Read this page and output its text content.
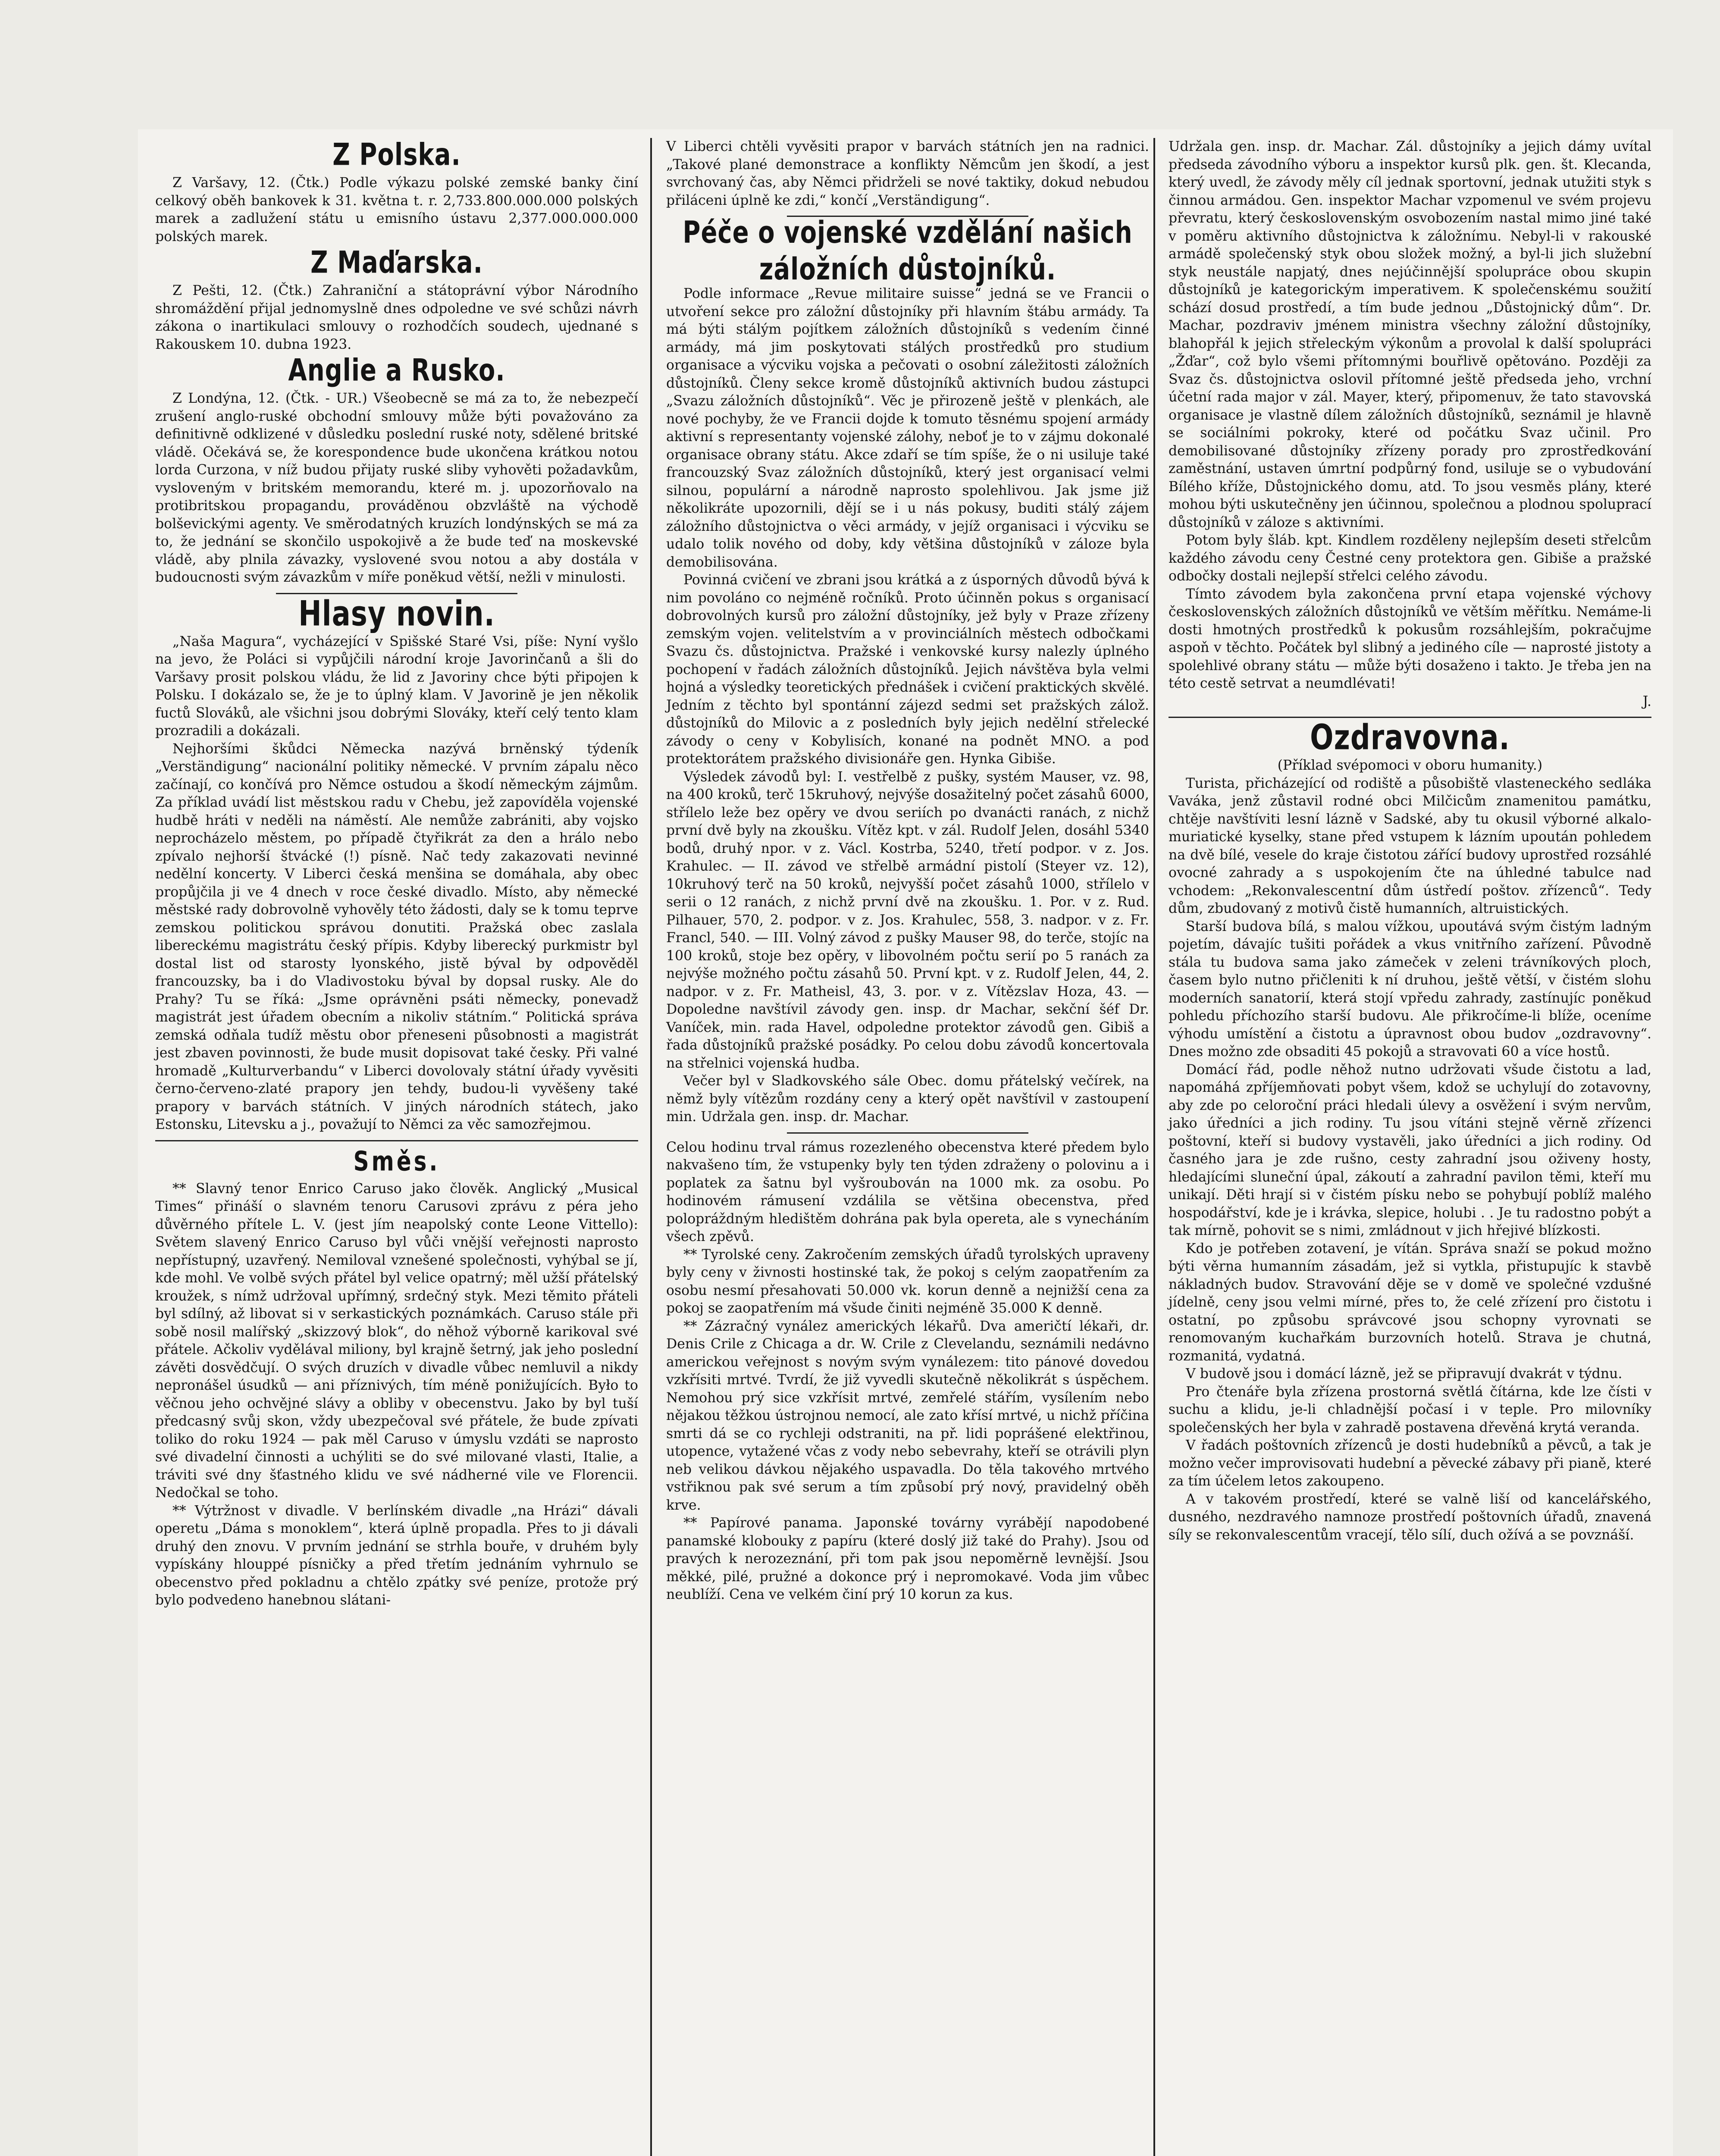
Z Polska.

Z Varšavy, 12. (Čtk.) Podle výkazu polské zemské banky činí celkový oběh bankovek k 31. května t. r. 2,733.800.000.000 polských marek a zadlužení státu u emisního ústavu 2,377.000.000.000 polských marek.

Z Maďarska.

Z Pešti, 12. (Čtk.) Zahraniční a státoprávní výbor Národního shromáždění přijal jednomyslně dnes odpoledne ve své schůzi návrh zákona o inartikulaci smlouvy o rozhodčích soudech, ujednané s Rakouskem 10. dubna 1923.

Anglie a Rusko.

Z Londýna, 12. (Čtk. - UR.) Všeobecně se má za to, že nebezpečí zrušení anglo-ruské obchodní smlouvy může býti považováno za definitivně odklizené v důsledku poslední ruské noty, sdělené britské vládě. Očekává se, že korespondence bude ukončena krátkou notou lorda Curzona, v níž budou přijaty ruské sliby vyhověti požadavkům, vysloveným v britském memorandu, které m. j. upozorňovalo na protibritskou propagandu, prováděnou obzvláště na východě bolševickými agenty. Ve směrodatných kruzích londýnských se má za to, že jednání se skončilo uspokojivě a že bude teď na moskevské vládě, aby plnila závazky, vyslovené svou notou a aby dostála v budoucnosti svým závazkům v míře poněkud větší, nežli v minulosti.

Hlasy novin.

„Naša Magura“, vycházející v Spišské Staré Vsi, píše: Nyní vyšlo na jevo, že Poláci si vypůjčili národní kroje Javorinčanů a šli do Varšavy prosit polskou vládu, že lid z Javoriny chce býti připojen k Polsku. I dokázalo se, že je to úplný klam. V Javorině je jen několik fuctů Slováků, ale všichni jsou dobrými Slováky, kteří celý tento klam prozradili a dokázali.

Nejhoršími škůdci Německa nazývá brněnský týdeník „Verständigung“ nacionální politiky německé. V prvním zápalu něco začínají, co končívá pro Němce ostudou a škodí německým zájmům. Za příklad uvádí list městskou radu v Chebu, jež zapovíděla vojenské hudbě hráti v neděli na náměstí. Ale nemůže zabrániti, aby vojsko neprocházelo městem, po případě čtyřikrát za den a hrálo nebo zpívalo nejhorší štvácké (!) písně. Nač tedy zakazovati nevinné nedělní koncerty. V Liberci česká menšina se domáhala, aby obec propůjčila ji ve 4 dnech v roce české divadlo. Místo, aby německé městské rady dobrovolně vyhověly této žádosti, daly se k tomu teprve zemskou politickou správou donutiti. Pražská obec zaslala libereckému magistrátu český přípis. Kdyby liberecký purkmistr byl dostal list od starosty lyonského, jistě býval by odpověděl francouzsky, ba i do Vladivostoku býval by dopsal rusky. Ale do Prahy? Tu se říká: „Jsme oprávněni psáti německy, ponevadž magistrát jest úřadem obecním a nikoliv státním.“ Politická správa zemská odňala tudíž městu obor přeneseni působnosti a magistrát jest zbaven povinnosti, že bude musit dopisovat také česky. Při valné hromadě „Kulturverbandu“ v Liberci dovolovaly státní úřady vyvěsiti černo-červeno-zlaté prapory jen tehdy, budou-li vyvěšeny také prapory v barvách státních. V jiných národních státech, jako Estonsku, Litevsku a j., považují to Němci za věc samozřejmou.

Směs.

** Slavný tenor Enrico Caruso jako člověk. Anglický „Musical Times“ přináší o slavném tenoru Carusovi zprávu z péra jeho důvěrného přítele L. V. (jest jím neapolský conte Leone Vittello): Světem slavený Enrico Caruso byl vůči vnější veřejnosti naprosto nepřístupný, uzavřený. Nemiloval vznešené společnosti, vyhýbal se jí, kde mohl. Ve volbě svých přátel byl velice opatrný; měl užší přátelský kroužek, s nímž udržoval upřímný, srdečný styk. Mezi těmito přáteli byl sdílný, až libovat si v serkastických poznámkách. Caruso stále při sobě nosil malířský „skizzový blok“, do něhož výborně karikoval své přátele. Ačkoliv vydělával miliony, byl krajně šetrný, jak jeho poslední závěti dosvědčují. O svých druzích v divadle vůbec nemluvil a nikdy nepronášel úsudků — ani příznivých, tím méně ponižujících. Było to věčnou jeho ochvějné slávy a obliby v obecenstvu. Jako by byl tuší předcasný svůj skon, vždy ubezpečoval své přátele, že bude zpívati toliko do roku 1924 — pak měl Caruso v úmyslu vzdáti se naprosto své divadelní činnosti a uchýliti se do své milované vlasti, Italie, a tráviti své dny šťastného klidu ve své nádherné vile ve Florencii. Nedočkal se toho.

** Výtržnost v divadle. V berlínském divadle „na Hrázi“ dávali operetu „Dáma s monoklem“, která úplně propadla. Přes to ji dávali druhý den znovu. V prvním jednání se strhla bouře, v druhém byly vypískány hlouppé písničky a před třetím jednáním vyhrnulo se obecenstvo před pokladnu a chtělo zpátky své peníze, protože prý bylo podvedeno hanebnou slátani-

V Liberci chtěli vyvěsiti prapor v barvách státních jen na radnici. „Takové plané demonstrace a konflikty Němcům jen škodí, a jest svrchovaný čas, aby Němci přidrželi se nové taktiky, dokud nebudou přiláceni úplně ke zdi,“ končí „Verständigung“.

Péče o vojenské vzdělání našich záložních důstojníků.

Podle informace „Revue militaire suisse“ jedná se ve Francii o utvoření sekce pro záložní důstojníky při hlavním štábu armády. Ta má býti stálým pojítkem záložních důstojníků s vedením činné armády, má jim poskytovati stálých prostředků pro studium organisace a výcviku vojska a pečovati o osobní záležitosti záložních důstojníků. Členy sekce kromě důstojníků aktivních budou zástupci „Svazu záložních důstojníků“. Věc je přirozeně ještě v plenkách, ale nové pochyby, že ve Francii dojde k tomuto těsnému spojení armády aktivní s representanty vojenské zálohy, neboť je to v zájmu dokonalé organisace obrany státu. Akce zdaří se tím spíše, že o ni usiluje také francouzský Svaz záložních důstojníků, který jest organisací velmi silnou, populární a národně naprosto spolehlivou. Jak jsme již několikráte upozornili, dějí se i u nás pokusy, buditi stálý zájem záložního důstojnictva o věci armády, v jejíž organisaci i výcviku se udalo tolik nového od doby, kdy většina důstojníků v záloze byla demobilisována.

Povinná cvičení ve zbrani jsou krátká a z úsporných důvodů bývá k nim povoláno co nejméně ročníků. Proto účinněn pokus s organisací dobrovolných kursů pro záložní důstojníky, jež byly v Praze zřízeny zemským vojen. velitelstvím a v provinciálních městech odbočkami Svazu čs. důstojnictva. Pražské i venkovské kursy nalezly úplného pochopení v řadách záložních důstojníků. Jejich návštěva byla velmi hojná a výsledky teoretických přednášek i cvičení praktických skvělé. Jedním z těchto byl spontánní zájezd sedmi set pražských zálož. důstojníků do Milovic a z posledních byly jejich nedělní střelecké závody o ceny v Kobylisích, konané na podnět MNO. a pod protektorátem pražského divisionáře gen. Hynka Gibiše.

Výsledek závodů byl: I. vestřelbě z pušky, systém Mauser, vz. 98, na 400 kroků, terč 15kruhový, nejvýše dosažitelný počet zásahů 6000, střílelo leže bez opěry ve dvou seriích po dvanácti ranách, z nichž první dvě byly na zkoušku. Vítěz kpt. v zál. Rudolf Jelen, dosáhl 5340 bodů, druhý npor. v z. Václ. Kostrba, 5240, třetí podpor. v z. Jos. Krahulec. — II. závod ve střelbě armádní pistolí (Steyer vz. 12), 10kruhový terč na 50 kroků, nejvyšší počet zásahů 1000, střílelo v serii o 12 ranách, z nichž první dvě na zkoušku. 1. Por. v z. Rud. Pilhauer, 570, 2. podpor. v z. Jos. Krahulec, 558, 3. nadpor. v z. Fr. Francl, 540. — III. Volný závod z pušky Mauser 98, do terče, stojíc na 100 kroků, stoje bez opěry, v libovolném počtu serií po 5 ranách za nejvýše možného počtu zásahů 50. První kpt. v z. Rudolf Jelen, 44, 2. nadpor. v z. Fr. Matheisl, 43, 3. por. v z. Vítězslav Hoza, 43. — Dopoledne navštívil závody gen. insp. dr Machar, sekční šéf Dr. Vaníček, min. rada Havel, odpoledne protektor závodů gen. Gibiš a řada důstojníků pražské posádky. Po celou dobu závodů koncertovala na střelnici vojenská hudba.

Večer byl v Sladkovského sále Obec. domu přátelský večírek, na němž byly vítězům rozdány ceny a který opět navštívil v zastoupení min. Udržala gen. insp. dr. Machar.

Celou hodinu trval rámus rozezleného obecenstva které předem bylo nakvašeno tím, že vstupenky byly ten týden zdraženy o polovinu a i poplatek za šatnu byl vyšroubován na 1000 mk. za osobu. Po hodinovém rámusení vzdálila se většina obecenstva, před polopráždným hledištěm dohrána pak byla opereta, ale s vynecháním všech zpěvů.

** Tyrolské ceny. Zakročením zemských úřadů tyrolských upraveny byly ceny v živnosti hostinské tak, že pokoj s celým zaopatřením za osobu nesmí přesahovati 50.000 vk. korun denně a nejnižší cena za pokoj se zaopatřením má všude činiti nejméně 35.000 K denně.

** Zázračný vynález amerických lékařů. Dva američtí lékaři, dr. Denis Crile z Chicaga a dr. W. Crile z Clevelandu, seznámili nedávno americkou veřejnost s novým svým vynálezem: tito pánové dovedou vzkřísiti mrtvé. Tvrdí, že již vyvedli skutečně několikrát s úspěchem. Nemohou prý sice vzkřísit mrtvé, zemřelé stářím, vysílením nebo nějakou těžkou ústrojnou nemocí, ale zato křísí mrtvé, u nichž příčina smrti dá se co rychleji odstraniti, na př. lidi poprášené elektřinou, utopence, vytažené včas z vody nebo sebevrahy, kteří se otrávili plyn neb velikou dávkou nějakého uspavadla. Do těla takového mrtvého vstřiknou pak své serum a tím způsobí prý nový, pravidelný oběh krve.

** Papírové panama. Japonské továrny vyrábějí napodobené panamské klobouky z papíru (které doslý již také do Prahy). Jsou od pravých k nerozeznání, při tom pak jsou nepoměrně levnější. Jsou měkké, pilé, pružné a dokonce prý i nepromokavé. Voda jim vůbec neublíží. Cena ve velkém činí prý 10 korun za kus.

Udržala gen. insp. dr. Machar. Zál. důstojníky a jejich dámy uvítal předseda závodního výboru a inspektor kursů plk. gen. št. Klecanda, který uvedl, že závody měly cíl jednak sportovní, jednak utužiti styk s činnou armádou. Gen. inspektor Machar vzpomenul ve svém projevu převratu, který československým osvobozením nastal mimo jiné také v poměru aktivního důstojnictva k záložnímu. Nebyl-li v rakouské armádě společenský styk obou složek možný, a byl-li jich služební styk neustále napjatý, dnes nejúčinnější spolupráce obou skupin důstojníků je kategorickým imperativem. K společenskému soužití schází dosud prostředí, a tím bude jednou „Důstojnický dům“. Dr. Machar, pozdraviv jménem ministra všechny záložní důstojníky, blahopřál k jejich střeleckým výkonům a provolal k další spolupráci „Žďar“, což bylo všemi přítomnými bouřlivě opětováno. Později za Svaz čs. důstojnictva oslovil přítomné ještě předseda jeho, vrchní účetní rada major v zál. Mayer, který, připomenuv, že tato stavovská organisace je vlastně dílem záložních důstojníků, seznámil je hlavně se sociálními pokroky, které od počátku Svaz učinil. Pro demobilisované důstojníky zřízeny porady pro zprostředkování zaměstnání, ustaven úmrtní podpůrný fond, usiluje se o vybudování Bílého kříže, Důstojnického domu, atd. To jsou vesměs plány, které mohou býti uskutečněny jen účinnou, společnou a plodnou spoluprací důstojníků v záloze s aktivními.

Potom byly šláb. kpt. Kindlem rozděleny nejlepším deseti střelcům každého závodu ceny Čestné ceny protektora gen. Gibiše a pražské odbočky dostali nejlepší střelci celého závodu.

Tímto závodem byla zakončena první etapa vojenské výchovy československých záložních důstojníků ve větším měřítku. Nemáme-li dosti hmotných prostředků k pokusům rozsáhlejším, pokračujme aspoň v těchto. Počátek byl slibný a jediného cíle — naprosté jistoty a spolehlivé obrany státu — může býti dosaženo i takto. Je třeba jen na této cestě setrvat a neumdlévati!

J.

Ozdravovna.

(Příklad svépomoci v oboru humanity.)

Turista, přicházející od rodiště a působiště vlasteneckého sedláka Vaváka, jenž zůstavil rodné obci Milčicům znamenitou památku, chtěje navštíviti lesní lázně v Sadské, aby tu okusil výborné alkalo-muriatické kyselky, stane před vstupem k lázním upoután pohledem na dvě bílé, vesele do kraje čistotou zářící budovy uprostřed rozsáhlé ovocné zahrady a s uspokojením čte na úhledné tabulce nad vchodem: „Rekonvalescentní dům ústředí poštov. zřízenců“. Tedy dům, zbudovaný z motivů čistě humanních, altruistických.

Starší budova bílá, s malou vížkou, upoutává svým čistým ladným pojetím, dávajíc tušiti pořádek a vkus vnitřního zařízení. Původně stála tu budova sama jako zámeček v zeleni trávníkových ploch, časem bylo nutno přičleniti k ní druhou, ještě větší, v čistém slohu moderních sanatorií, která stojí vpředu zahrady, zastínujíc poněkud pohledu příchozího starší budovu. Ale přikročíme-li blíže, oceníme výhodu umístění a čistotu a úpravnost obou budov „ozdravovny“. Dnes možno zde obsaditi 45 pokojů a stravovati 60 a více hostů.

Domácí řád, podle něhož nutno udržovati všude čistotu a lad, napomáhá zpříjemňovati pobyt všem, kdož se uchylují do zotavovny, aby zde po celoroční práci hledali úlevy a osvěžení i svým nervům, jako úředníci a jich rodiny. Tu jsou vítáni stejně věrně zřízenci poštovní, kteří si budovy vystavěli, jako úředníci a jich rodiny. Od časného jara je zde rušno, cesty zahradní jsou oživeny hosty, hledajícími sluneční úpal, zákoutí a zahradní pavilon těmi, kteří mu unikají. Děti hrají si v čistém písku nebo se pohybují poblíž malého hospodářství, kde je i krávka, slepice, holubi . . Je tu radostno pobýt a tak mírně, pohovit se s nimi, zmládnout v jich hřejivé blízkosti.

Kdo je potřeben zotavení, je vítán. Správa snaží se pokud možno býti věrna humanním zásadám, jež si vytkla, přistupujíc k stavbě nákladných budov. Stravování děje se v domě ve společné vzdušné jídelně, ceny jsou velmi mírné, přes to, že celé zřízení pro čistotu i ostatní, po způsobu správcové jsou schopny vyrovnati se renomovaným kuchařkám burzovních hotelů. Strava je chutná, rozmanitá, vydatná.

V budově jsou i domácí lázně, jež se připravují dvakrát v týdnu.

Pro čtenáře byla zřízena prostorná světlá čítárna, kde lze čísti v suchu a klidu, je-li chladnější počasí i v teple. Pro milovníky společenských her byla v zahradě postavena dřevěná krytá veranda.

V řadách poštovních zřízenců je dosti hudebníků a pěvců, a tak je možno večer improvisovati hudební a pěvecké zábavy při pianě, které za tím účelem letos zakoupeno.

A v takovém prostředí, které se valně liší od kancelářského, dusného, nezdravého namnoze prostředí poštovních úřadů, znavená síly se rekonvalescentům vracejí, tělo sílí, duch ožívá a se povznáší.
